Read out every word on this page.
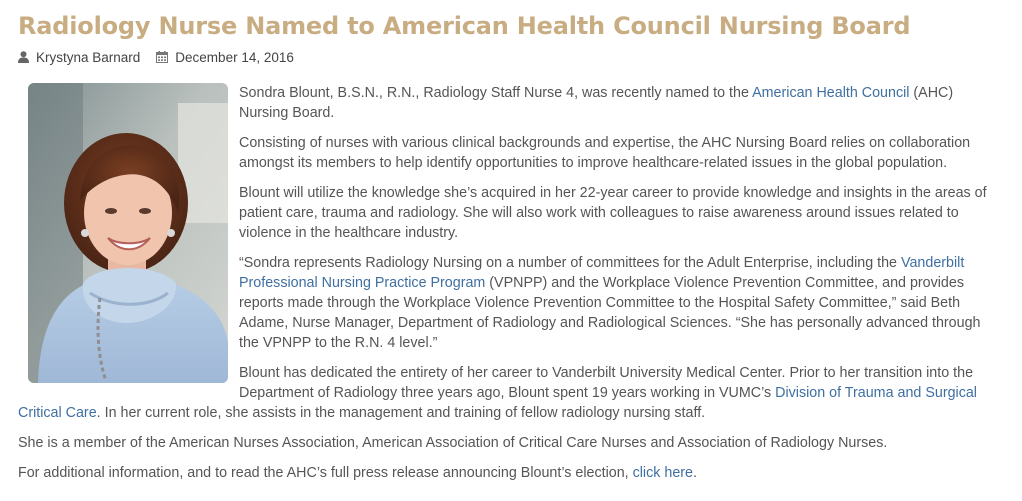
Radiology Nurse Named to American Health Council Nursing Board
Krystyna Barnard	December 14, 2016

Sondra Blount, B.S.N., R.N., Radiology Staff Nurse 4, was recently named to the American Health Council (AHC) Nursing Board.

Consisting of nurses with various clinical backgrounds and expertise, the AHC Nursing Board relies on collaboration amongst its members to help identify opportunities to improve healthcare-related issues in the global population.

Blount will utilize the knowledge she’s acquired in her 22-year career to provide knowledge and insights in the areas of patient care, trauma and radiology. She will also work with colleagues to raise awareness around issues related to violence in the healthcare industry.

“Sondra represents Radiology Nursing on a number of committees for the Adult Enterprise, including the Vanderbilt Professional Nursing Practice Program (VPNPP) and the Workplace Violence Prevention Committee, and provides reports made through the Workplace Violence Prevention Committee to the Hospital Safety Committee,” said Beth Adame, Nurse Manager, Department of Radiology and Radiological Sciences. “She has personally advanced through the VPNPP to the R.N. 4 level.”

Blount has dedicated the entirety of her career to Vanderbilt University Medical Center. Prior to her transition into the Department of Radiology three years ago, Blount spent 19 years working in VUMC’s Division of Trauma and Surgical Critical Care. In her current role, she assists in the management and training of fellow radiology nursing staff.

She is a member of the American Nurses Association, American Association of Critical Care Nurses and Association of Radiology Nurses.

For additional information, and to read the AHC’s full press release announcing Blount’s election, click here.
